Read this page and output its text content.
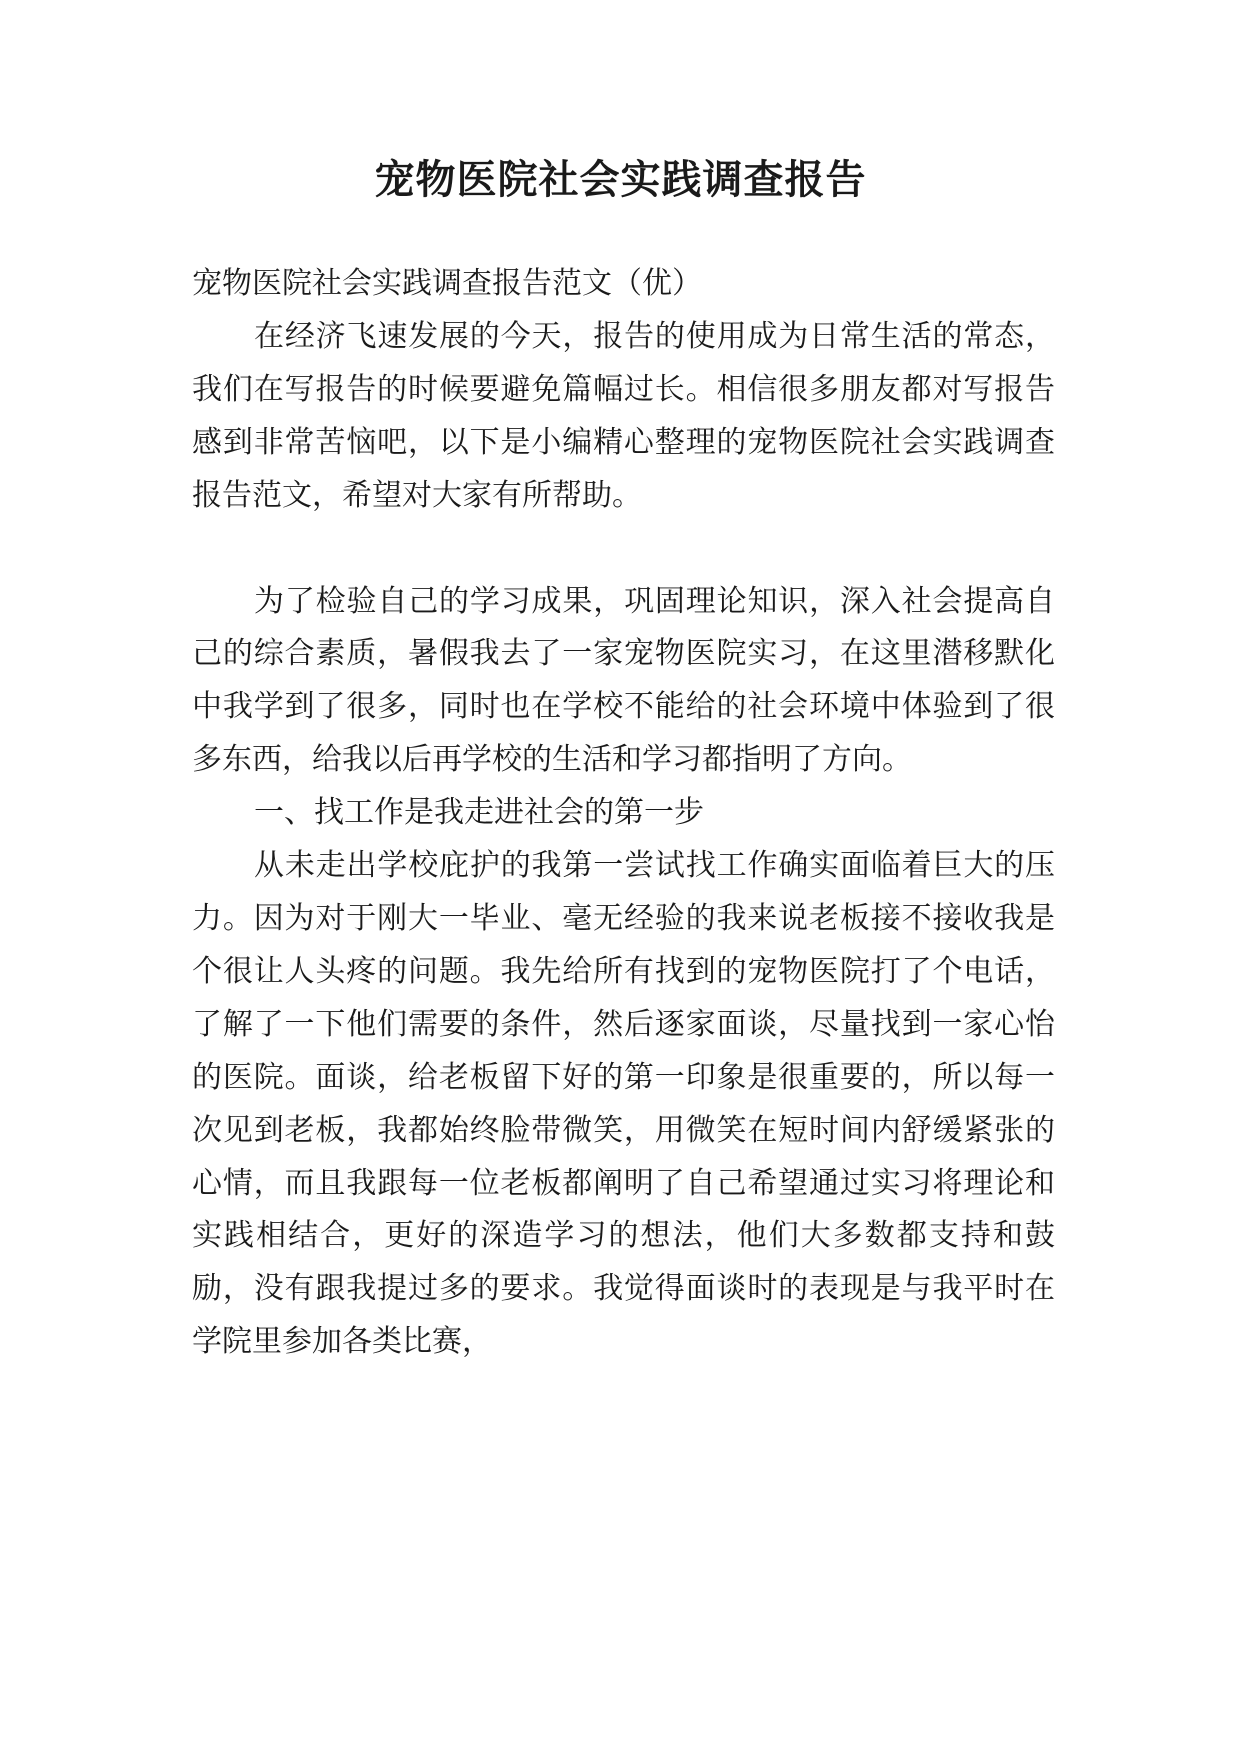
宠物医院社会实践调查报告

宠物医院社会实践调查报告范文（优）

在经济飞速发展的今天，报告的使用成为日常生活的常态，我们在写报告的时候要避免篇幅过长。相信很多朋友都对写报告感到非常苦恼吧，以下是小编精心整理的宠物医院社会实践调查报告范文，希望对大家有所帮助。

为了检验自己的学习成果，巩固理论知识，深入社会提高自己的综合素质，暑假我去了一家宠物医院实习，在这里潜移默化中我学到了很多，同时也在学校不能给的社会环境中体验到了很多东西，给我以后再学校的生活和学习都指明了方向。

一、找工作是我走进社会的第一步

从未走出学校庇护的我第一尝试找工作确实面临着巨大的压力。因为对于刚大一毕业、毫无经验的我来说老板接不接收我是个很让人头疼的问题。我先给所有找到的宠物医院打了个电话，了解了一下他们需要的条件，然后逐家面谈，尽量找到一家心怡的医院。面谈，给老板留下好的第一印象是很重要的，所以每一次见到老板，我都始终脸带微笑，用微笑在短时间内舒缓紧张的心情，而且我跟每一位老板都阐明了自己希望通过实习将理论和实践相结合，更好的深造学习的想法，他们大多数都支持和鼓励，没有跟我提过多的要求。我觉得面谈时的表现是与我平时在学院里参加各类比赛，
